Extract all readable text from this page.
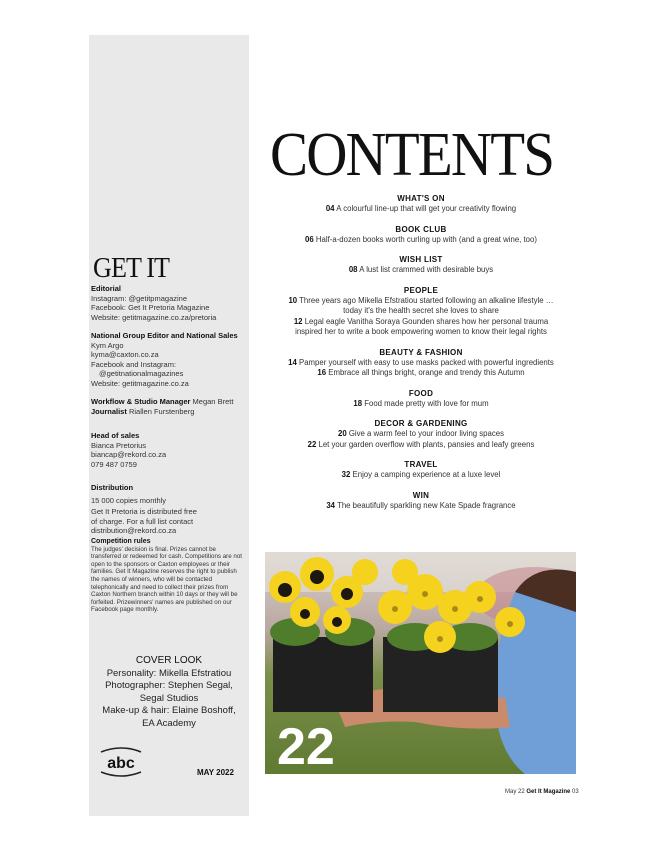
GET IT
Editorial
Instagram: @getitpmagazine
Facebook: Get It Pretoria Magazine
Website: getitmagazine.co.za/pretoria
National Group Editor and National Sales
Kym Argo
kyma@caxton.co.za
Facebook and Instagram:
@getitnationalmagazines
Website: getitmagazine.co.za
Workflow & Studio Manager Megan Brett
Journalist Riallen Furstenberg
Head of sales
Bianca Pretorius
biancap@rekord.co.za
079 487 0759
Distribution
15 000 copies monthly
Get It Pretoria is distributed free
of charge. For a full list contact
distribution@rekord.co.za
Competition rules
The judges' decision is final. Prizes cannot be transferred or redeemed for cash. Competitions are not open to the sponsors or Caxton employees or their families. Get It Magazine reserves the right to publish the names of winners, who will be contacted telephonically and need to collect their prizes from Caxton Northern branch within 10 days or they will be forfeited. Prizewinners' names are published on our Facebook page monthly.
COVER LOOK
Personality: Mikella Efstratiou
Photographer: Stephen Segal,
Segal Studios
Make-up & hair: Elaine Boshoff,
EA Academy
abc
MAY 2022
CONTENTS
WHAT'S ON
04 A colourful line-up that will get your creativity flowing
BOOK CLUB
06 Half-a-dozen books worth curling up with (and a great wine, too)
WISH LIST
08 A lust list crammed with desirable buys
PEOPLE
10 Three years ago Mikella Efstratiou started following an alkaline lifestyle …
today it's the health secret she loves to share
12 Legal eagle Vanitha Soraya Gounden shares how her personal trauma
inspired her to write a book empowering women to know their legal rights
BEAUTY & FASHION
14 Pamper yourself with easy to use masks packed with powerful ingredients
16 Embrace all things bright, orange and trendy this Autumn
FOOD
18 Food made pretty with love for mum
DECOR & GARDENING
20 Give a warm feel to your indoor living spaces
22 Let your garden overflow with plants, pansies and leafy greens
TRAVEL
32 Enjoy a camping experience at a luxe level
WIN
34 The beautifully sparkling new Kate Spade fragrance
22
May 22 Get It Magazine 03
